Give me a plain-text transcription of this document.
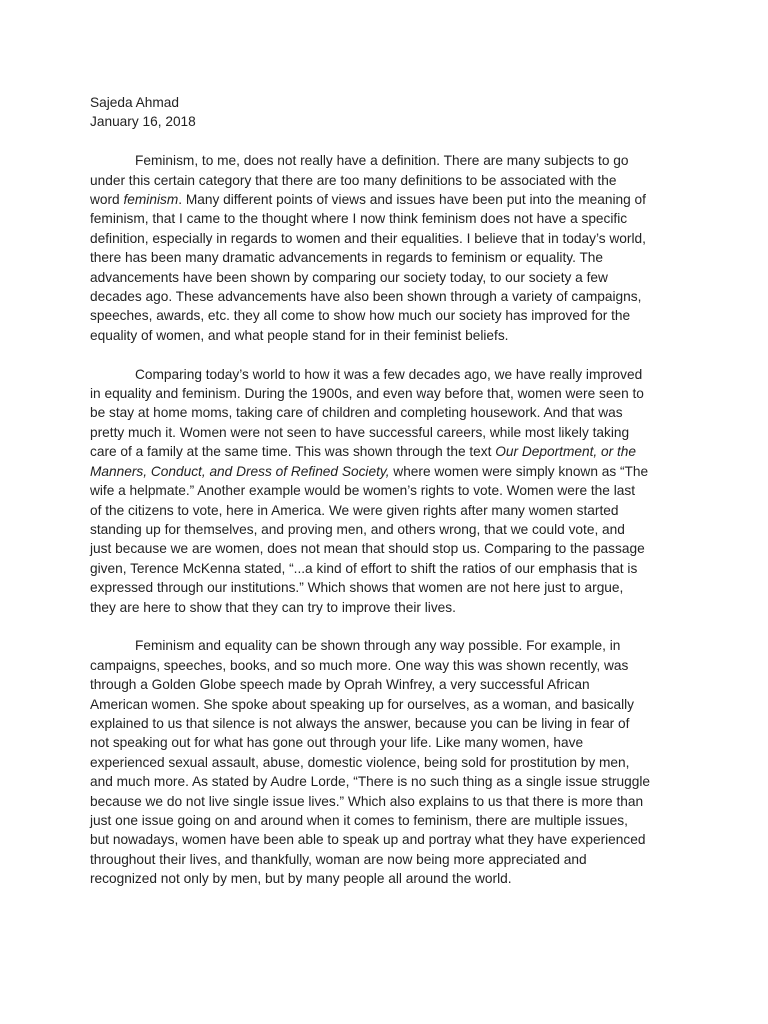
Sajeda Ahmad
January 16, 2018
Feminism, to me, does not really have a definition. There are many subjects to go
under this certain category that there are too many definitions to be associated with the
word feminism. Many different points of views and issues have been put into the meaning of
feminism, that I came to the thought where I now think feminism does not have a specific
definition, especially in regards to women and their equalities. I believe that in today’s world,
there has been many dramatic advancements in regards to feminism or equality. The
advancements have been shown by comparing our society today, to our society a few
decades ago. These advancements have also been shown through a variety of campaigns,
speeches, awards, etc. they all come to show how much our society has improved for the
equality of women, and what people stand for in their feminist beliefs.
Comparing today’s world to how it was a few decades ago, we have really improved
in equality and feminism. During the 1900s, and even way before that, women were seen to
be stay at home moms, taking care of children and completing housework. And that was
pretty much it. Women were not seen to have successful careers, while most likely taking
care of a family at the same time. This was shown through the text Our Deportment, or the
Manners, Conduct, and Dress of Refined Society, where women were simply known as “The
wife a helpmate.” Another example would be women’s rights to vote. Women were the last
of the citizens to vote, here in America. We were given rights after many women started
standing up for themselves, and proving men, and others wrong, that we could vote, and
just because we are women, does not mean that should stop us. Comparing to the passage
given, Terence McKenna stated, “...a kind of effort to shift the ratios of our emphasis that is
expressed through our institutions.” Which shows that women are not here just to argue,
they are here to show that they can try to improve their lives.
Feminism and equality can be shown through any way possible. For example, in
campaigns, speeches, books, and so much more. One way this was shown recently, was
through a Golden Globe speech made by Oprah Winfrey, a very successful African
American women. She spoke about speaking up for ourselves, as a woman, and basically
explained to us that silence is not always the answer, because you can be living in fear of
not speaking out for what has gone out through your life. Like many women, have
experienced sexual assault, abuse, domestic violence, being sold for prostitution by men,
and much more. As stated by Audre Lorde, “There is no such thing as a single issue struggle
because we do not live single issue lives.” Which also explains to us that there is more than
just one issue going on and around when it comes to feminism, there are multiple issues,
but nowadays, women have been able to speak up and portray what they have experienced
throughout their lives, and thankfully, woman are now being more appreciated and
recognized not only by men, but by many people all around the world.
